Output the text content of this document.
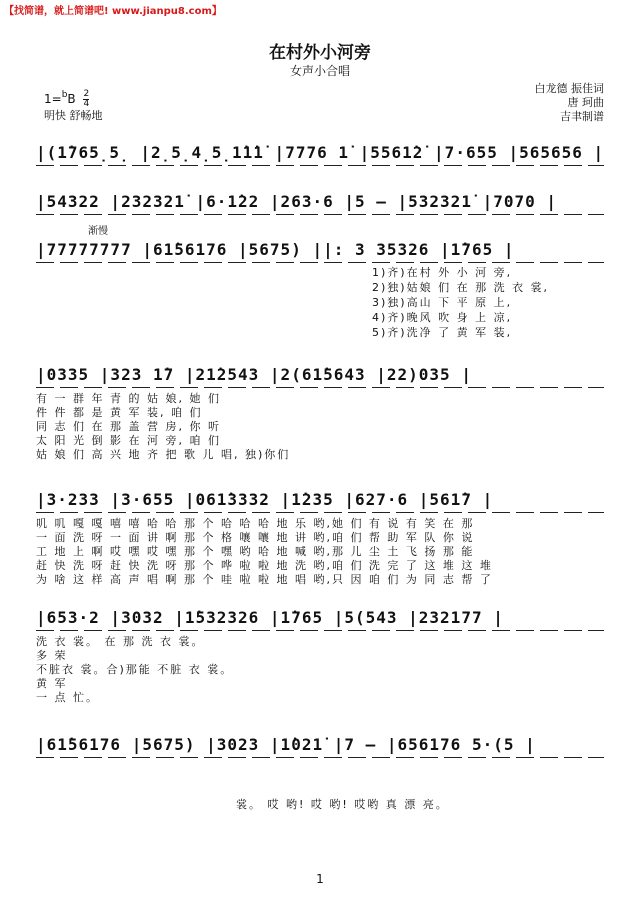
【找简谱，就上简谱吧! www.jianpu8.com】
在村外小河旁
女声小合唱
$1=^bB \frac{2}{4}$
明快 舒畅地
白龙德 振佳词
唐 珂曲
吉聿制谱
|(1̇765̣5̣ |2̣5̣4̣5̣1̇1̇1̇ |7776 1̇ |5561̇2̇ |7·655 |565656 |
|54322 |232321̇ |6·1̇22 |263·6 |5 – |532321̇ |7070 |
渐慢
|77777777 |61̇56176 |5675) ||: 3 35326 |1̇765 |
1)齐)在村 外 小 河 旁,
2)独)姑娘 们 在 那 洗 衣 裳,
3)独)高山 下 平 原 上,
4)齐)晚风 吹 身 上 凉,
5)齐)洗净 了 黄 军 装,
|0335 |323 1̇7 |21̇2543 |2(61̇5643 |22)035 |
有 一 群 年 青 的 姑 娘, 她 们
件 件 都 是 黄 军 装, 咱 们
同 志 们 在 那 盖 营 房, 你 听
太 阳 光 倒 影 在 河 旁, 咱 们
姑 娘 们 高 兴 地 齐 把 歌 儿 唱, 独)你们
|3·233 |3·655 |061̇3332 |1̇235 |627·6 |561̇7 |
叽 叽 嘎 嘎 嘻 嘻 哈 哈 那 个 哈 哈 哈 地 乐 哟,她 们 有 说 有 笑 在 那
一 面 洗 呀 一 面 讲 啊 那 个 格 嚷 嚷 地 讲 哟,咱 们 帮 助 军 队 你 说
工 地 上 啊 哎 嘿 哎 嘿 那 个 嘿 哟 哈 地 喊 哟,那 儿 尘 土 飞 扬 那 能
赶 快 洗 呀 赶 快 洗 呀 那 个 哗 啦 啦 地 洗 哟,咱 们 洗 完 了 这 堆 这 堆
为 啥 这 样 高 声 唱 啊 那 个 哇 啦 啦 地 唱 哟,只 因 咱 们 为 同 志 帮 了
|653·2 |3032 |1̇532326 |1̇765 |5(543 |232177 |
洗 衣 裳。 在 那 洗 衣 裳。
多 荣
不脏衣 裳。合)那能 不脏 衣 裳。
黄 军
一 点 忙。
|61̇56176 |5675) |3023 |1̇021̇ |7 – |656176 5·(5 |
裳。 哎 哟! 哎 哟! 哎哟 真 漂 亮。
1
